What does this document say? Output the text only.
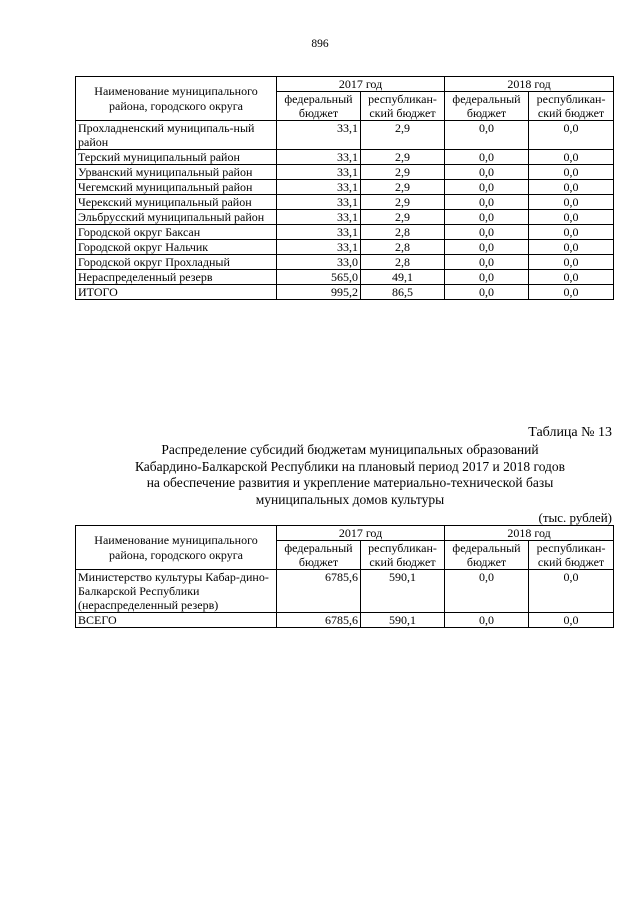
896
Наименование муниципального района, городского округа	2017 год		2018 год	
	федеральный бюджет	республикан-ский бюджет	федеральный бюджет	республикан-ский бюджет
Прохладненский муниципаль-ный район	33,1	2,9	0,0	0,0
Терский муниципальный район	33,1	2,9	0,0	0,0
Урванский муниципальный район	33,1	2,9	0,0	0,0
Чегемский муниципальный район	33,1	2,9	0,0	0,0
Черекский муниципальный район	33,1	2,9	0,0	0,0
Эльбрусский муниципальный район	33,1	2,9	0,0	0,0
Городской округ Баксан	33,1	2,8	0,0	0,0
Городской округ Нальчик	33,1	2,8	0,0	0,0
Городской округ Прохладный	33,0	2,8	0,0	0,0
Нераспределенный резерв	565,0	49,1	0,0	0,0
ИТОГО	995,2	86,5	0,0	0,0
Таблица № 13
Распределение субсидий бюджетам муниципальных образований
Кабардино-Балкарской Республики на плановый период 2017 и 2018 годов
на обеспечение развития и укрепление материально-технической базы
муниципальных домов культуры
(тыс. рублей)
Наименование муниципального района, городского округа	2017 год		2018 год	
	федеральный бюджет	республикан-ский бюджет	федеральный бюджет	республикан-ский бюджет
Министерство культуры Кабар-дино-Балкарской Республики (нераспределенный резерв)	6785,6	590,1	0,0	0,0
ВСЕГО	6785,6	590,1	0,0	0,0
